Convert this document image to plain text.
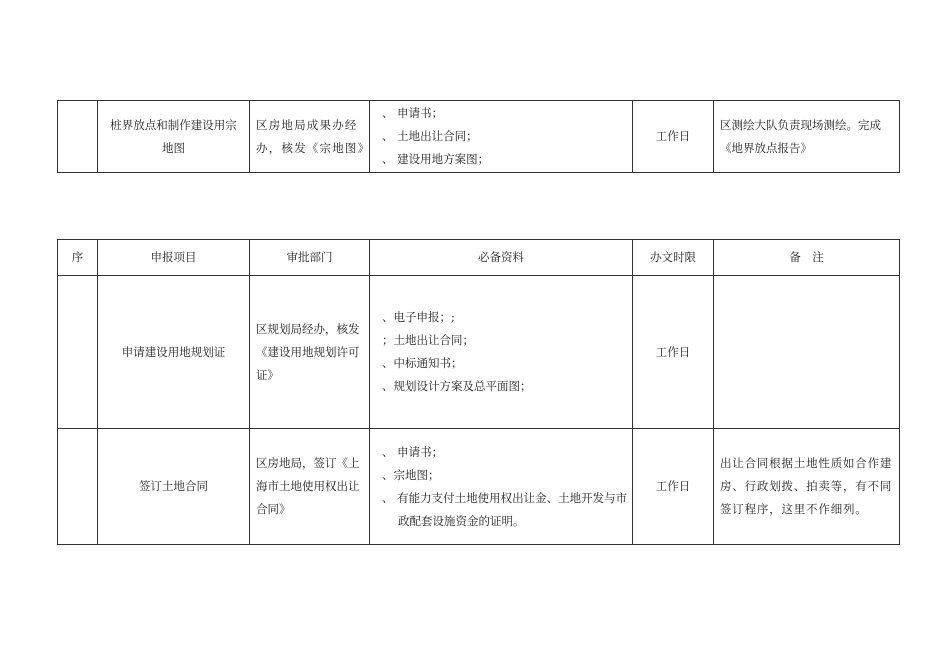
	桩界放点和制作建设用宗地图	区房地局成果办经办，核发《宗地图》	
、 申请书；
、 土地出让合同；
、 建设用地方案图；
	工作日	区测绘大队负责现场测绘。完成《地界放点报告》
序	申报项目	审批部门	必备资料	办文时限	备　注
	申请建设用地规划证	区规划局经办，核发《建设用地规划许可证》	、电子申报；;
；土地出让合同；
、中标通知书；
、规划设计方案及总平面图；	工作日	
	签订土地合同	区房地局，签订《上海市土地使用权出让合同》	、 申请书；
、宗地图；
、 有能力支付土地使用权出让金、土地开发与市
政配套设施资金的证明。	工作日	出让合同根据土地性质如合作建房、行政划拨、拍卖等，有不同签订程序，这里不作细列。
